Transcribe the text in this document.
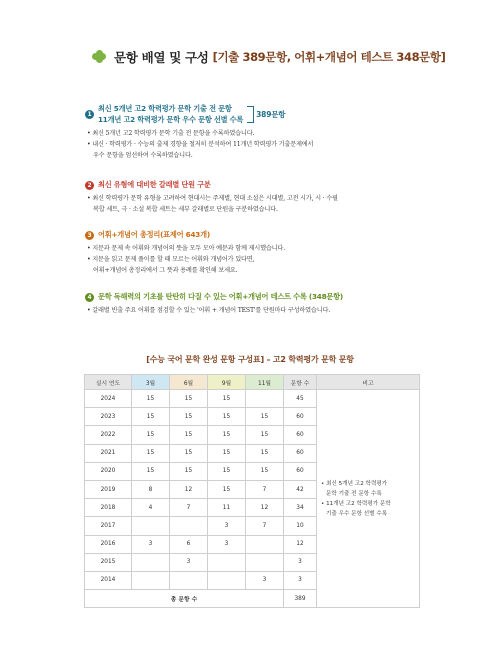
문항 배열 및 구성 [기출 389문항, 어휘+개념어 테스트 348문항]
1
최신 5개년 고2 학력평가 문학 기출 전 문항
11개년 고2 학력평가 문학 우수 문항 선별 수록
389문항
• 최신 5개년 고2 학력평가 문학 기출 전 문항을 수록하였습니다.
• 내신 · 학력평가 · 수능의 출제 경향을 철저히 분석하여 11개년 학력평가 기출문제에서
우수 문항을 엄선하여 수록하였습니다.
2 최신 유형에 대비한 갈래별 단원 구분
• 최신 학력평가 문학 유형을 고려하여 현대시는 주제별, 현대 소설은 시대별, 고전 시가, 시 · 수필
복합 세트, 극 · 소설 복합 세트는 세부 갈래별로 단원을 구분하였습니다.
3 어휘+개념어 총정리(표제어 643개)
• 지문과 문제 속 어휘와 개념어의 뜻을 모두 모아 예문과 함께 제시했습니다.
• 지문을 읽고 문제 풀이를 할 때 모르는 어휘와 개념어가 있다면,
어휘+개념어 총정리에서 그 뜻과 용례를 확인해 보세요.
4 문학 독해력의 기초를 탄탄히 다질 수 있는 어휘+개념어 테스트 수록 (348문항)
• 갈래별 빈출 주요 어휘를 점검할 수 있는 '어휘 + 개념어 TEST'를 단원마다 구성하였습니다.
[수능 국어 문학 완성 문항 구성표] – 고2 학력평가 문학 문항
실시 연도	3월	6월	9월	11월	문항 수	비고
2024	15	15	15		45	• 최신 5개년 고2 학력평가
문학 기출 전 문항 수록
• 11개년 고2 학력평가 문학
기출 우수 문항 선별 수록

2023	15	15	15	15	60	
2022	15	15	15	15	60	
2021	15	15	15	15	60	
2020	15	15	15	15	60	
2019	8	12	15	7	42	
2018	4	7	11	12	34	
2017			3	7	10	
2016	3	6	3		12	
2015		3			3	
2014				3	3	
총 문항 수					389	
